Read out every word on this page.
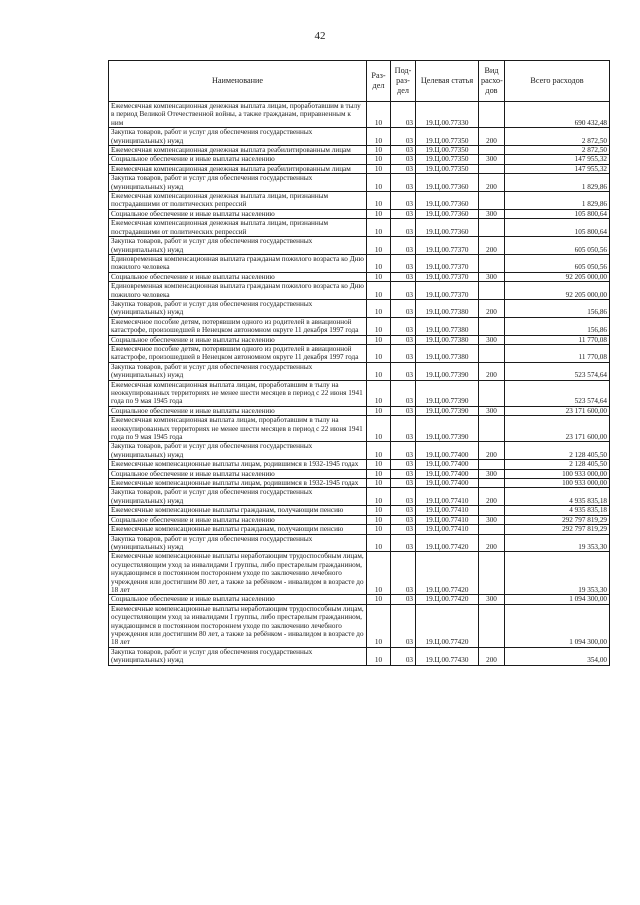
42
Наименование	Раз-дел	Под-раз-дел	Целевая статья	Вид расхо-дов	Всего расходов
Ежемесячная компенсационная денежная выплата лицам, проработавшим в тылу в период Великой Отечественной войны, а также гражданам, приравненным к ним	10	03	19.Ц.00.77330		690 432,48
Закупка товаров, работ и услуг для обеспечения государственных (муниципальных) нужд	10	03	19.Ц.00.77350	200	2 872,50
Ежемесячная компенсационная денежная выплата реабилитированным лицам	10	03	19.Ц.00.77350		2 872,50
Социальное обеспечение и иные выплаты населению	10	03	19.Ц.00.77350	300	147 955,32
Ежемесячная компенсационная денежная выплата реабилитированным лицам	10	03	19.Ц.00.77350		147 955,32
Закупка товаров, работ и услуг для обеспечения государственных (муниципальных) нужд	10	03	19.Ц.00.77360	200	1 829,86
Ежемесячная компенсационная денежная выплата лицам, признанным пострадавшими от политических репрессий	10	03	19.Ц.00.77360		1 829,86
Социальное обеспечение и иные выплаты населению	10	03	19.Ц.00.77360	300	105 800,64
Ежемесячная компенсационная денежная выплата лицам, признанным пострадавшими от политических репрессий	10	03	19.Ц.00.77360		105 800,64
Закупка товаров, работ и услуг для обеспечения государственных (муниципальных) нужд	10	03	19.Ц.00.77370	200	605 050,56
Единовременная компенсационная выплата гражданам пожилого возраста ко Дню пожилого человека	10	03	19.Ц.00.77370		605 050,56
Социальное обеспечение и иные выплаты населению	10	03	19.Ц.00.77370	300	92 205 000,00
Единовременная компенсационная выплата гражданам пожилого возраста ко Дню пожилого человека	10	03	19.Ц.00.77370		92 205 000,00
Закупка товаров, работ и услуг для обеспечения государственных (муниципальных) нужд	10	03	19.Ц.00.77380	200	156,86
Ежемесячное пособие детям, потерявшим одного из родителей в авиационной катастрофе, произошедшей в Ненецком автономном округе 11 декабря 1997 года	10	03	19.Ц.00.77380		156,86
Социальное обеспечение и иные выплаты населению	10	03	19.Ц.00.77380	300	11 770,08
Ежемесячное пособие детям, потерявшим одного из родителей в авиационной катастрофе, произошедшей в Ненецком автономном округе 11 декабря 1997 года	10	03	19.Ц.00.77380		11 770,08
Закупка товаров, работ и услуг для обеспечения государственных (муниципальных) нужд	10	03	19.Ц.00.77390	200	523 574,64
Ежемесячная компенсационная выплата лицам, проработавшим в тылу на неоккупированных территориях не менее шести месяцев в период с 22 июня 1941 года по 9 мая 1945 года	10	03	19.Ц.00.77390		523 574,64
Социальное обеспечение и иные выплаты населению	10	03	19.Ц.00.77390	300	23 171 600,00
Ежемесячная компенсационная выплата лицам, проработавшим в тылу на неоккупированных территориях не менее шести месяцев в период с 22 июня 1941 года по 9 мая 1945 года	10	03	19.Ц.00.77390		23 171 600,00
Закупка товаров, работ и услуг для обеспечения государственных (муниципальных) нужд	10	03	19.Ц.00.77400	200	2 128 405,50
Ежемесячные компенсационные выплаты лицам, родившимся в 1932-1945 годах	10	03	19.Ц.00.77400		2 128 405,50
Социальное обеспечение и иные выплаты населению	10	03	19.Ц.00.77400	300	100 933 000,00
Ежемесячные компенсационные выплаты лицам, родившимся в 1932-1945 годах	10	03	19.Ц.00.77400		100 933 000,00
Закупка товаров, работ и услуг для обеспечения государственных (муниципальных) нужд	10	03	19.Ц.00.77410	200	4 935 835,18
Ежемесячные компенсационные выплаты гражданам, получающим пенсию	10	03	19.Ц.00.77410		4 935 835,18
Социальное обеспечение и иные выплаты населению	10	03	19.Ц.00.77410	300	292 797 819,29
Ежемесячные компенсационные выплаты гражданам, получающим пенсию	10	03	19.Ц.00.77410		292 797 819,29
Закупка товаров, работ и услуг для обеспечения государственных (муниципальных) нужд	10	03	19.Ц.00.77420	200	19 353,30
Ежемесячные компенсационные выплаты неработающим трудоспособным лицам, осуществляющим уход за инвалидами I группы, либо престарелым гражданином, нуждающимся в постоянном постороннем уходе по заключению лечебного учреждения или достигшим 80 лет, а также за ребёнком - инвалидом в возрасте до 18 лет	10	03	19.Ц.00.77420		19 353,30
Социальное обеспечение и иные выплаты населению	10	03	19.Ц.00.77420	300	1 094 300,00
Ежемесячные компенсационные выплаты неработающим трудоспособным лицам, осуществляющим уход за инвалидами I группы, либо престарелым гражданином, нуждающимся в постоянном постороннем уходе по заключению лечебного учреждения или достигшим 80 лет, а также за ребёнком - инвалидом в возрасте до 18 лет	10	03	19.Ц.00.77420		1 094 300,00
Закупка товаров, работ и услуг для обеспечения государственных (муниципальных) нужд	10	03	19.Ц.00.77430	200	354,00
